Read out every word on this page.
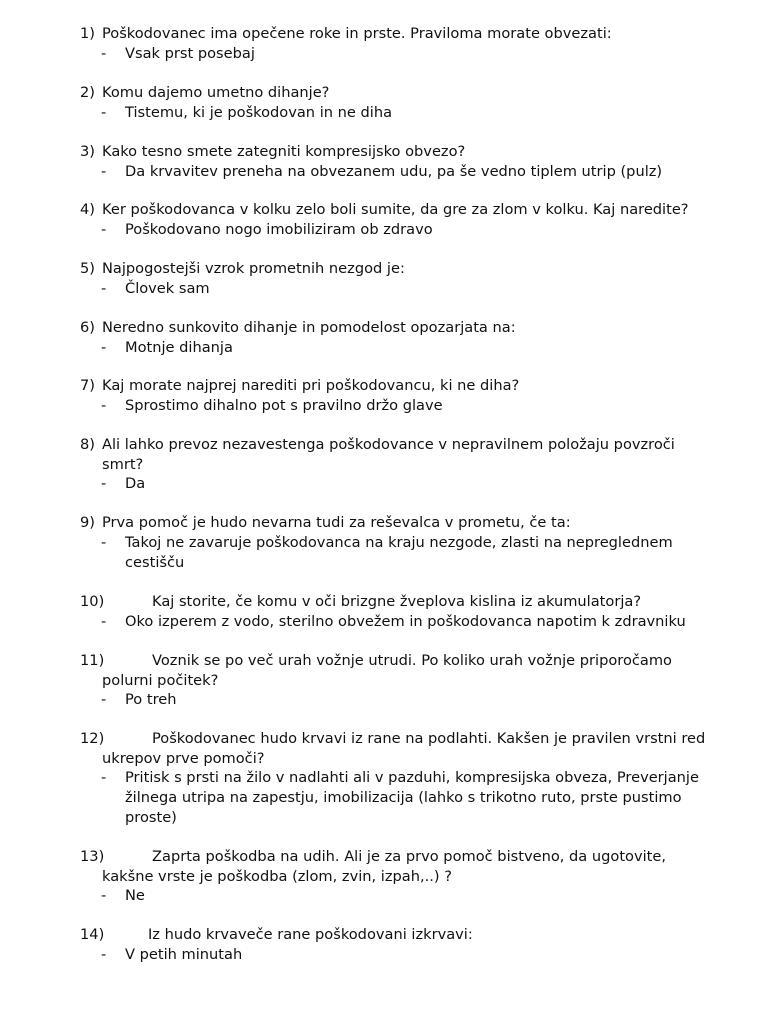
1) Poškodovanec ima opečene roke in prste. Praviloma morate obvezati:
- Vsak prst posebaj
2) Komu dajemo umetno dihanje?
- Tistemu, ki je poškodovan in ne diha
3) Kako tesno smete zategniti kompresijsko obvezo?
- Da krvavitev preneha na obvezanem udu, pa še vedno tiplem utrip (pulz)
4) Ker poškodovanca v kolku zelo boli sumite, da gre za zlom v kolku. Kaj naredite?
- Poškodovano nogo imobiliziram ob zdravo
5) Najpogostejši vzrok prometnih nezgod je:
- Človek sam
6) Neredno sunkovito dihanje in pomodelost opozarjata na:
- Motnje dihanja
7) Kaj morate najprej narediti pri poškodovancu, ki ne diha?
- Sprostimo dihalno pot s pravilno držo glave
8) Ali lahko prevoz nezavestenga poškodovance v nepravilnem položaju povzroči
smrt?
- Da
9) Prva pomoč je hudo nevarna tudi za reševalca v prometu, če ta:
- Takoj ne zavaruje poškodovanca na kraju nezgode, zlasti na nepreglednem
cestišču
10)	Kaj storite, če komu v oči brizgne žveplova kislina iz akumulatorja?
- Oko izperem z vodo, sterilno obvežem in poškodovanca napotim k zdravniku
11)	Voznik se po več urah vožnje utrudi. Po koliko urah vožnje priporočamo
polurni počitek?
- Po treh
12)	Poškodovanec hudo krvavi iz rane na podlahti. Kakšen je pravilen vrstni red
ukrepov prve pomoči?
- Pritisk s prsti na žilo v nadlahti ali v pazduhi, kompresijska obveza, Preverjanje
žilnega utripa na zapestju, imobilizacija (lahko s trikotno ruto, prste pustimo
proste)
13)	Zaprta poškodba na udih. Ali je za prvo pomoč bistveno, da ugotovite,
kakšne vrste je poškodba (zlom, zvin, izpah,..) ?
- Ne
14)	Iz hudo krvaveče rane poškodovani izkrvavi:
- V petih minutah
